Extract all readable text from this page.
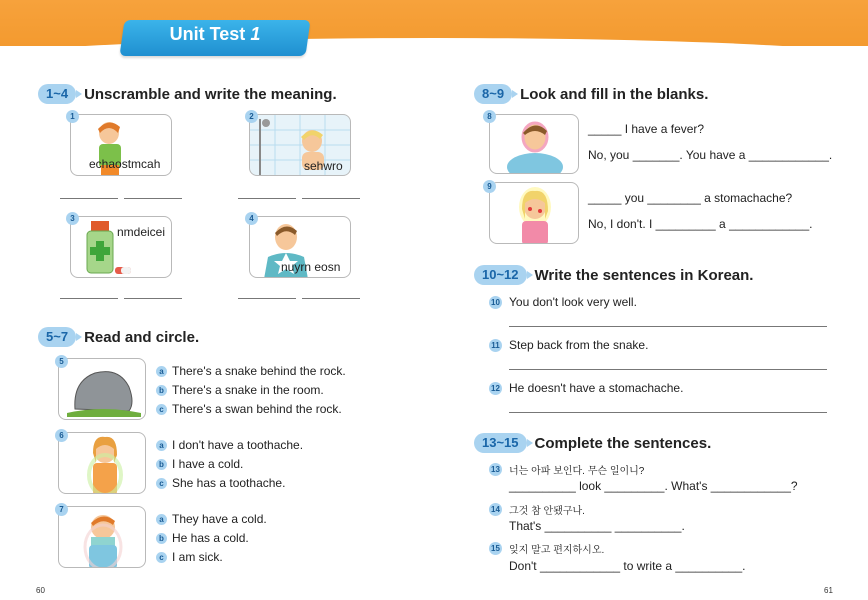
Unit Test 1
1~4	Unscramble and write the meaning.
1
echaostmcah
2
sehwro
3
nmdeicei
4
nuyrn eosn
5~7	Read and circle.
5
a There's a snake behind the rock.
b There's a snake in the room.
c There's a swan behind the rock.
6
a I don't have a toothache.
b I have a cold.
c She has a toothache.
7
a They have a cold.
b He has a cold.
c I am sick.
8~9	Look and fill in the blanks.
8
_____ I have a fever?
No, you _______. You have a ____________.
9
_____ you ________ a stomachache?
No, I don't. I _________ a ____________.
10~12	Write the sentences in Korean.
10 You don't look very well.
11 Step back from the snake.
12 He doesn't have a stomachache.
13~15	Complete the sentences.
13 너는 아파 보인다. 무슨 일이니?
__________ look _________. What's ____________?
14 그것 참 안됐구나.
That's __________ __________.
15 잊지 말고 편지하시오.
Don't ____________ to write a __________.
60	61
